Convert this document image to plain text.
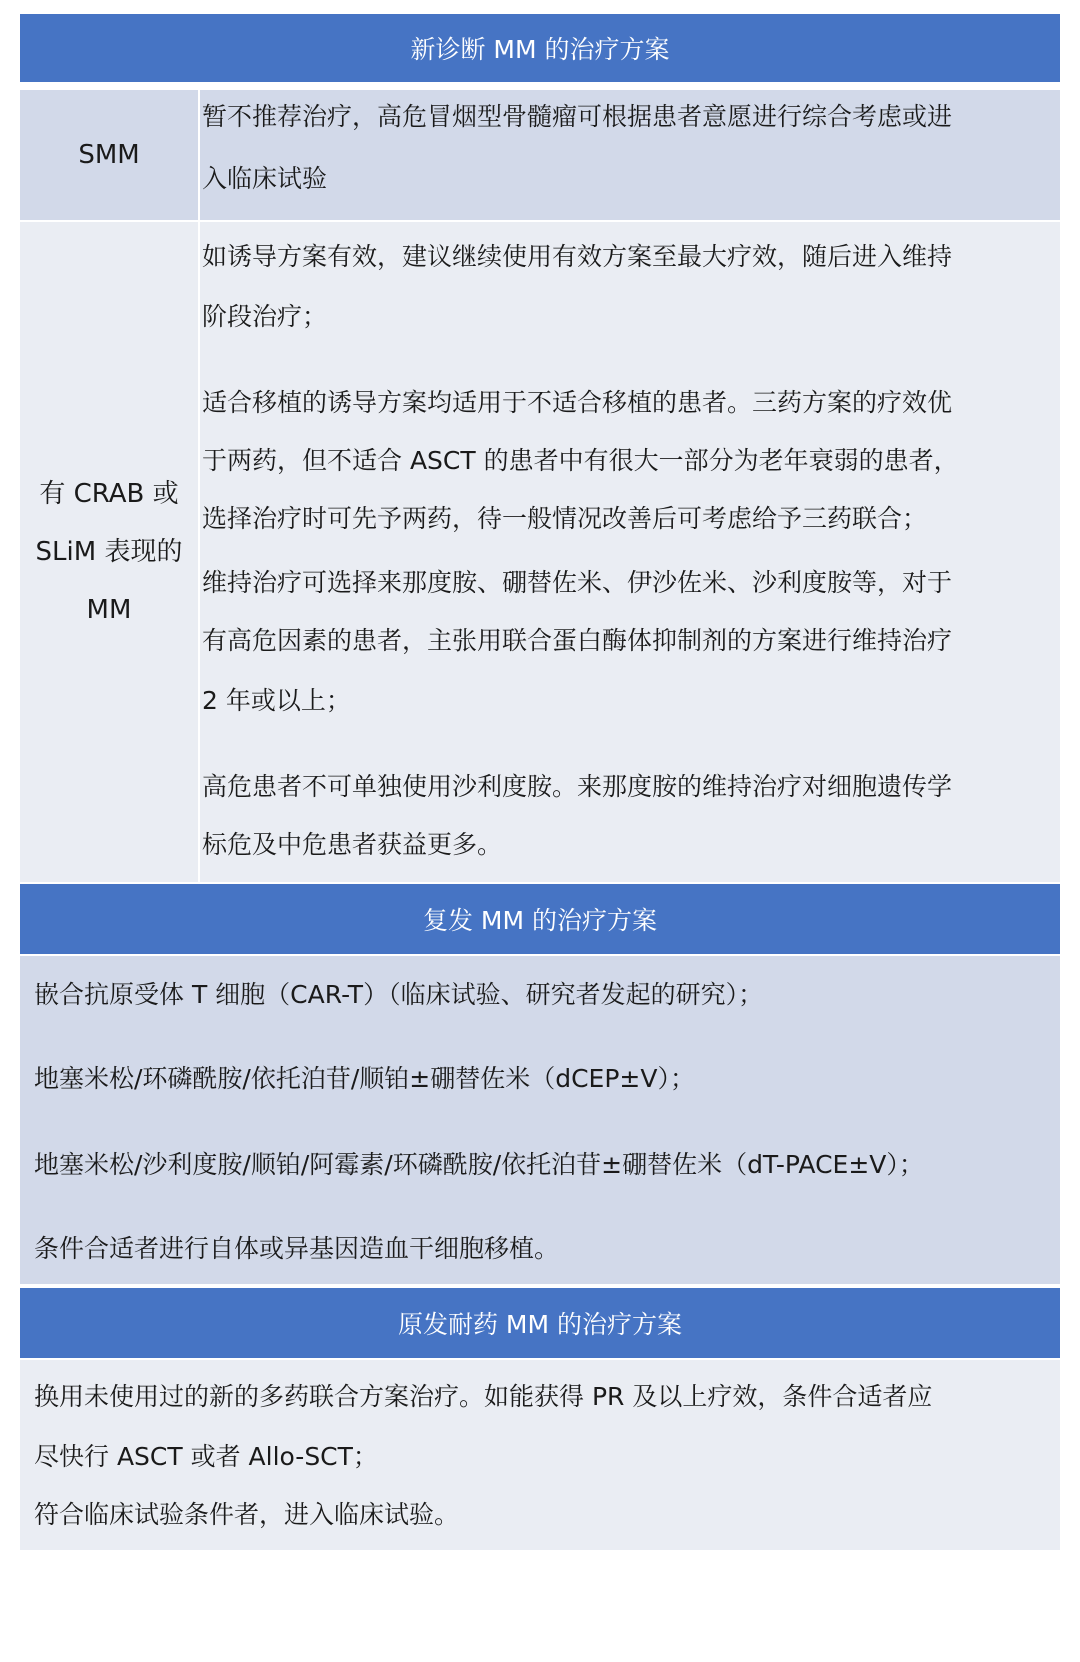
新诊断 MM 的治疗方案
SMM

暂不推荐治疗，高危冒烟型骨髓瘤可根据患者意愿进行综合考虑或进

入临床试验

有 CRAB 或
SLiM 表现的
MM

如诱导方案有效，建议继续使用有效方案至最大疗效，随后进入维持

阶段治疗；

适合移植的诱导方案均适用于不适合移植的患者。三药方案的疗效优

于两药，但不适合 ASCT 的患者中有很大一部分为老年衰弱的患者，

选择治疗时可先予两药，待一般情况改善后可考虑给予三药联合；

维持治疗可选择来那度胺、硼替佐米、伊沙佐米、沙利度胺等，对于

有高危因素的患者，主张用联合蛋白酶体抑制剂的方案进行维持治疗

2 年或以上；

高危患者不可单独使用沙利度胺。来那度胺的维持治疗对细胞遗传学

标危及中危患者获益更多。

复发 MM 的治疗方案

嵌合抗原受体 T 细胞（CAR-T）（临床试验、研究者发起的研究）；

地塞米松/环磷酰胺/依托泊苷/顺铂±硼替佐米（dCEP±V）；

地塞米松/沙利度胺/顺铂/阿霉素/环磷酰胺/依托泊苷±硼替佐米（dT-PACE±V）；

条件合适者进行自体或异基因造血干细胞移植。

原发耐药 MM 的治疗方案

换用未使用过的新的多药联合方案治疗。如能获得 PR 及以上疗效，条件合适者应

尽快行 ASCT 或者 Allo-SCT；

符合临床试验条件者，进入临床试验。
